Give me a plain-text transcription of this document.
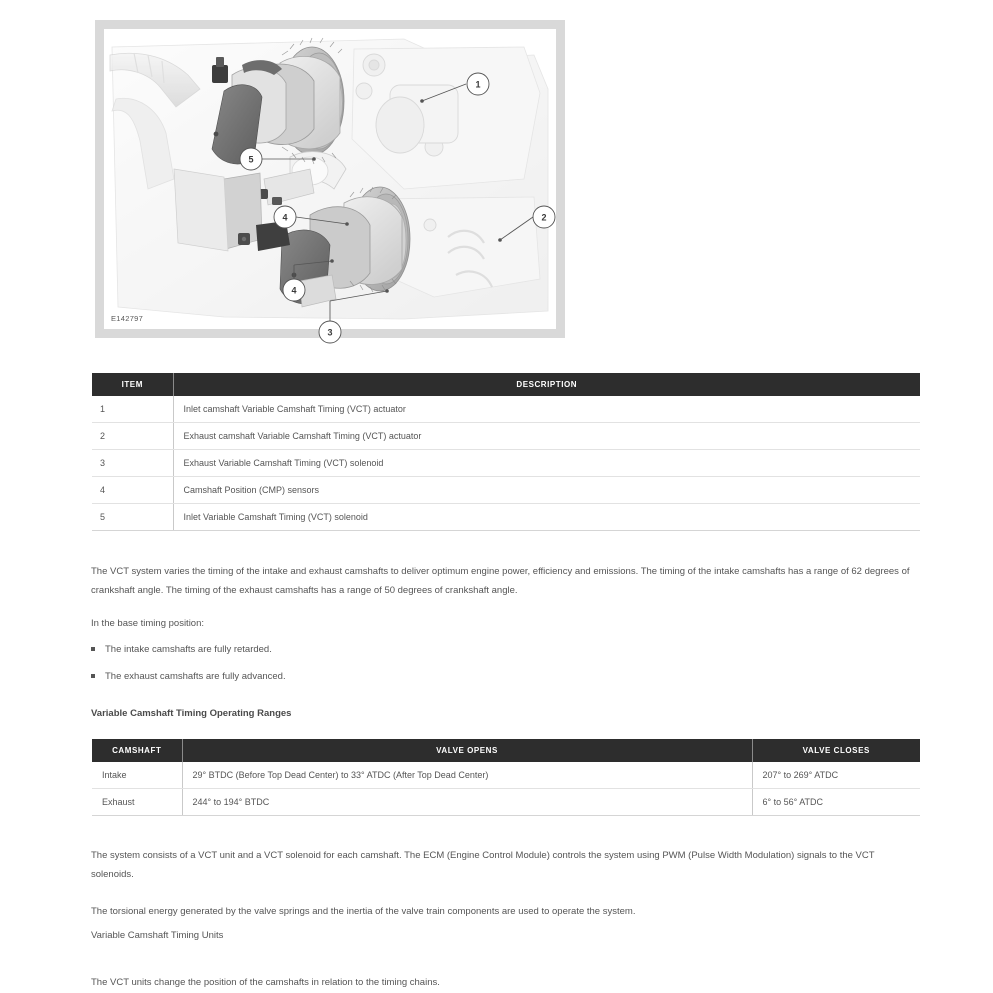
1
2
3
4
4
5
E142797
ITEM	DESCRIPTION
1	Inlet camshaft Variable Camshaft Timing (VCT) actuator
2	Exhaust camshaft Variable Camshaft Timing (VCT) actuator
3	Exhaust Variable Camshaft Timing (VCT) solenoid
4	Camshaft Position (CMP) sensors
5	Inlet Variable Camshaft Timing (VCT) solenoid

The VCT system varies the timing of the intake and exhaust camshafts to deliver optimum engine power, efficiency and emissions. The timing of the intake camshafts has a range of 62 degrees of crankshaft angle. The timing of the exhaust camshafts has a range of 50 degrees of crankshaft angle.

In the base timing position:

The intake camshafts are fully retarded.
The exhaust camshafts are fully advanced.
Variable Camshaft Timing Operating Ranges
CAMSHAFT	VALVE OPENS	VALVE CLOSES
Intake	29° BTDC (Before Top Dead Center) to 33° ATDC (After Top Dead Center)	207° to 269° ATDC
Exhaust	244° to 194° BTDC	6° to 56° ATDC

The system consists of a VCT unit and a VCT solenoid for each camshaft. The ECM (Engine Control Module) controls the system using PWM (Pulse Width Modulation) signals to the VCT solenoids.

The torsional energy generated by the valve springs and the inertia of the valve train components are used to operate the system.

Variable Camshaft Timing Units

The VCT units change the position of the camshafts in relation to the timing chains.
